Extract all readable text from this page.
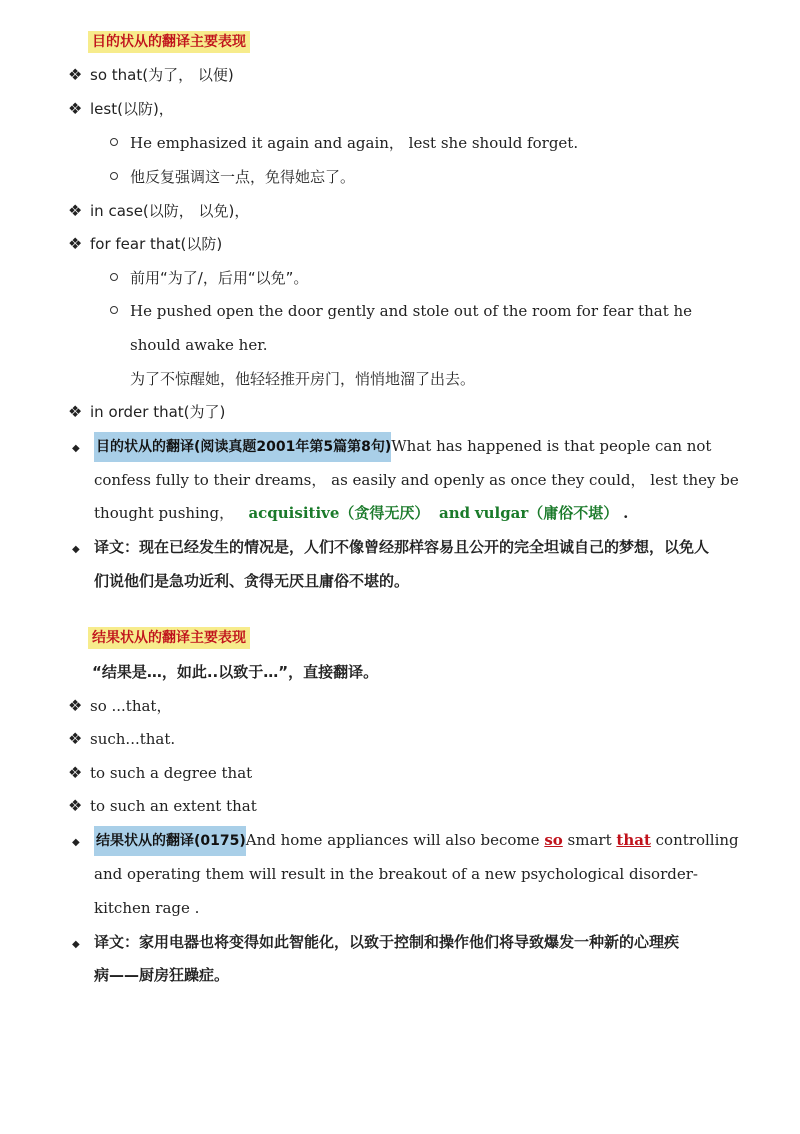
目的状从的翻译主要表现
❖ so that(为了， 以便)
❖ lest(以防)，
He emphasized it again and again， lest she should forget.
他反复强调这一点，免得她忘了。
❖ in case(以防， 以免)，
❖ for fear that(以防)
前用“为了/，后用“以免”。
He pushed open the door gently and stole out of the room for fear that he
should awake her.
为了不惊醒她，他轻轻推开房门，悄悄地溜了出去。
❖ in order that(为了)
◆ 目的状从的翻译(阅读真题2001年第5篇第8句)What has happened is that people can not
confess fully to their dreams， as easily and openly as once they could， lest they be
thought pushing， acquisitive（贪得无厌） and vulgar（庸俗不堪） .
◆ 译文：现在已经发生的情况是，人们不像曾经那样容易且公开的完全坦诚自己的梦想，以免人
们说他们是急功近利、贪得无厌且庸俗不堪的。
结果状从的翻译主要表现
“结果是…，如此..以致于…”，直接翻译。
❖ so ...that，
❖ such...that.
❖ to such a degree that
❖ to such an extent that
◆ 结果状从的翻译(0175)And home appliances will also become so smart that controlling
and operating them will result in the breakout of a new psychological disorder-
kitchen rage .
◆ 译文：家用电器也将变得如此智能化，以致于控制和操作他们将导致爆发一种新的心理疾
病——厨房狂躁症。
